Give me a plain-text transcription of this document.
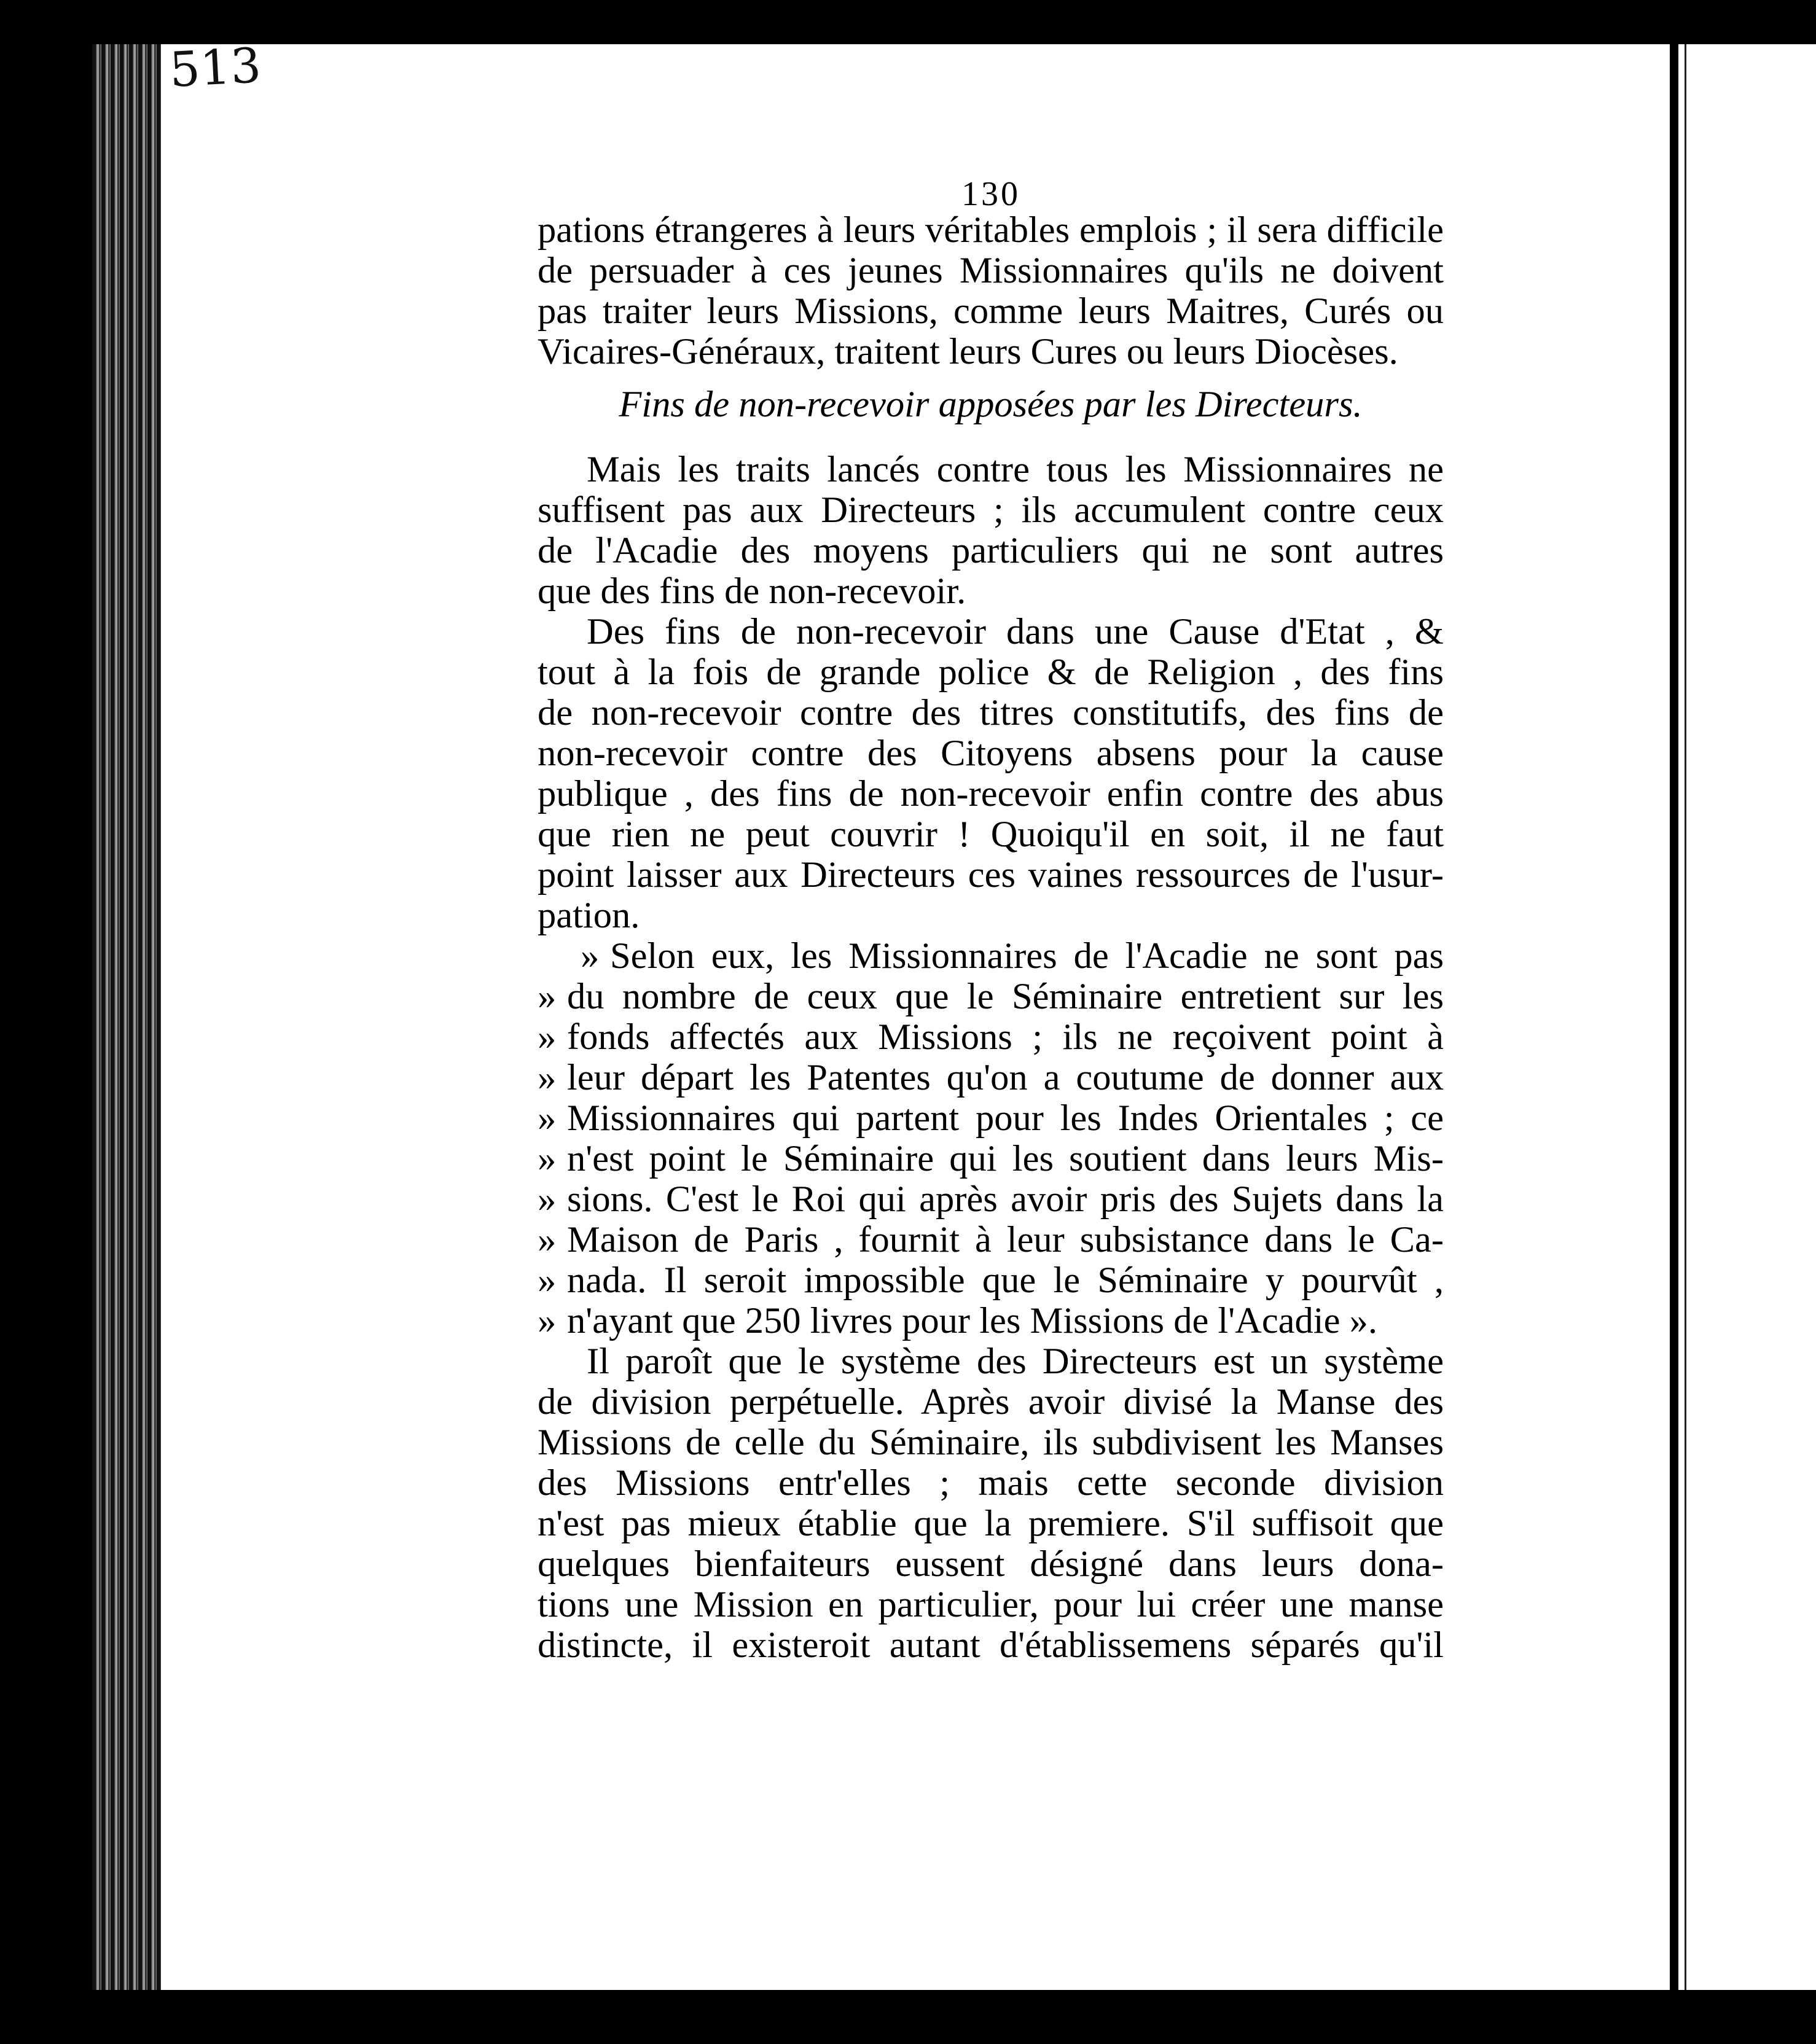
513
130
pations étrangeres à leurs véritables emplois ; il sera difficile
de persuader à ces jeunes Missionnaires qu'ils ne doivent
pas traiter leurs Missions, comme leurs Maitres, Curés ou
Vicaires-Généraux, traitent leurs Cures ou leurs Diocèses.
Fins de non-recevoir apposées par les Directeurs.
Mais les traits lancés contre tous les Missionnaires ne
suffisent pas aux Directeurs ; ils accumulent contre ceux
de l'Acadie des moyens particuliers qui ne sont autres
que des fins de non-recevoir.
Des fins de non-recevoir dans une Cause d'Etat , &
tout à la fois de grande police & de Religion , des fins
de non-recevoir contre des titres constitutifs, des fins de
non-recevoir contre des Citoyens absens pour la cause
publique , des fins de non-recevoir enfin contre des abus
que rien ne peut couvrir ! Quoiqu'il en soit, il ne faut
point laisser aux Directeurs ces vaines ressources de l'usur-
pation.
» Selon eux, les Missionnaires de l'Acadie ne sont pas
» du nombre de ceux que le Séminaire entretient sur les
» fonds affectés aux Missions ; ils ne reçoivent point à
» leur départ les Patentes qu'on a coutume de donner aux
» Missionnaires qui partent pour les Indes Orientales ; ce
» n'est point le Séminaire qui les soutient dans leurs Mis-
» sions. C'est le Roi qui après avoir pris des Sujets dans la
» Maison de Paris , fournit à leur subsistance dans le Ca-
» nada. Il seroit impossible que le Séminaire y pourvût ,
» n'ayant que 250 livres pour les Missions de l'Acadie ».
Il paroît que le système des Directeurs est un système
de division perpétuelle. Après avoir divisé la Manse des
Missions de celle du Séminaire, ils subdivisent les Manses
des Missions entr'elles ; mais cette seconde division
n'est pas mieux établie que la premiere. S'il suffisoit que
quelques bienfaiteurs eussent désigné dans leurs dona-
tions une Mission en particulier, pour lui créer une manse
distincte, il existeroit autant d'établissemens séparés qu'il
